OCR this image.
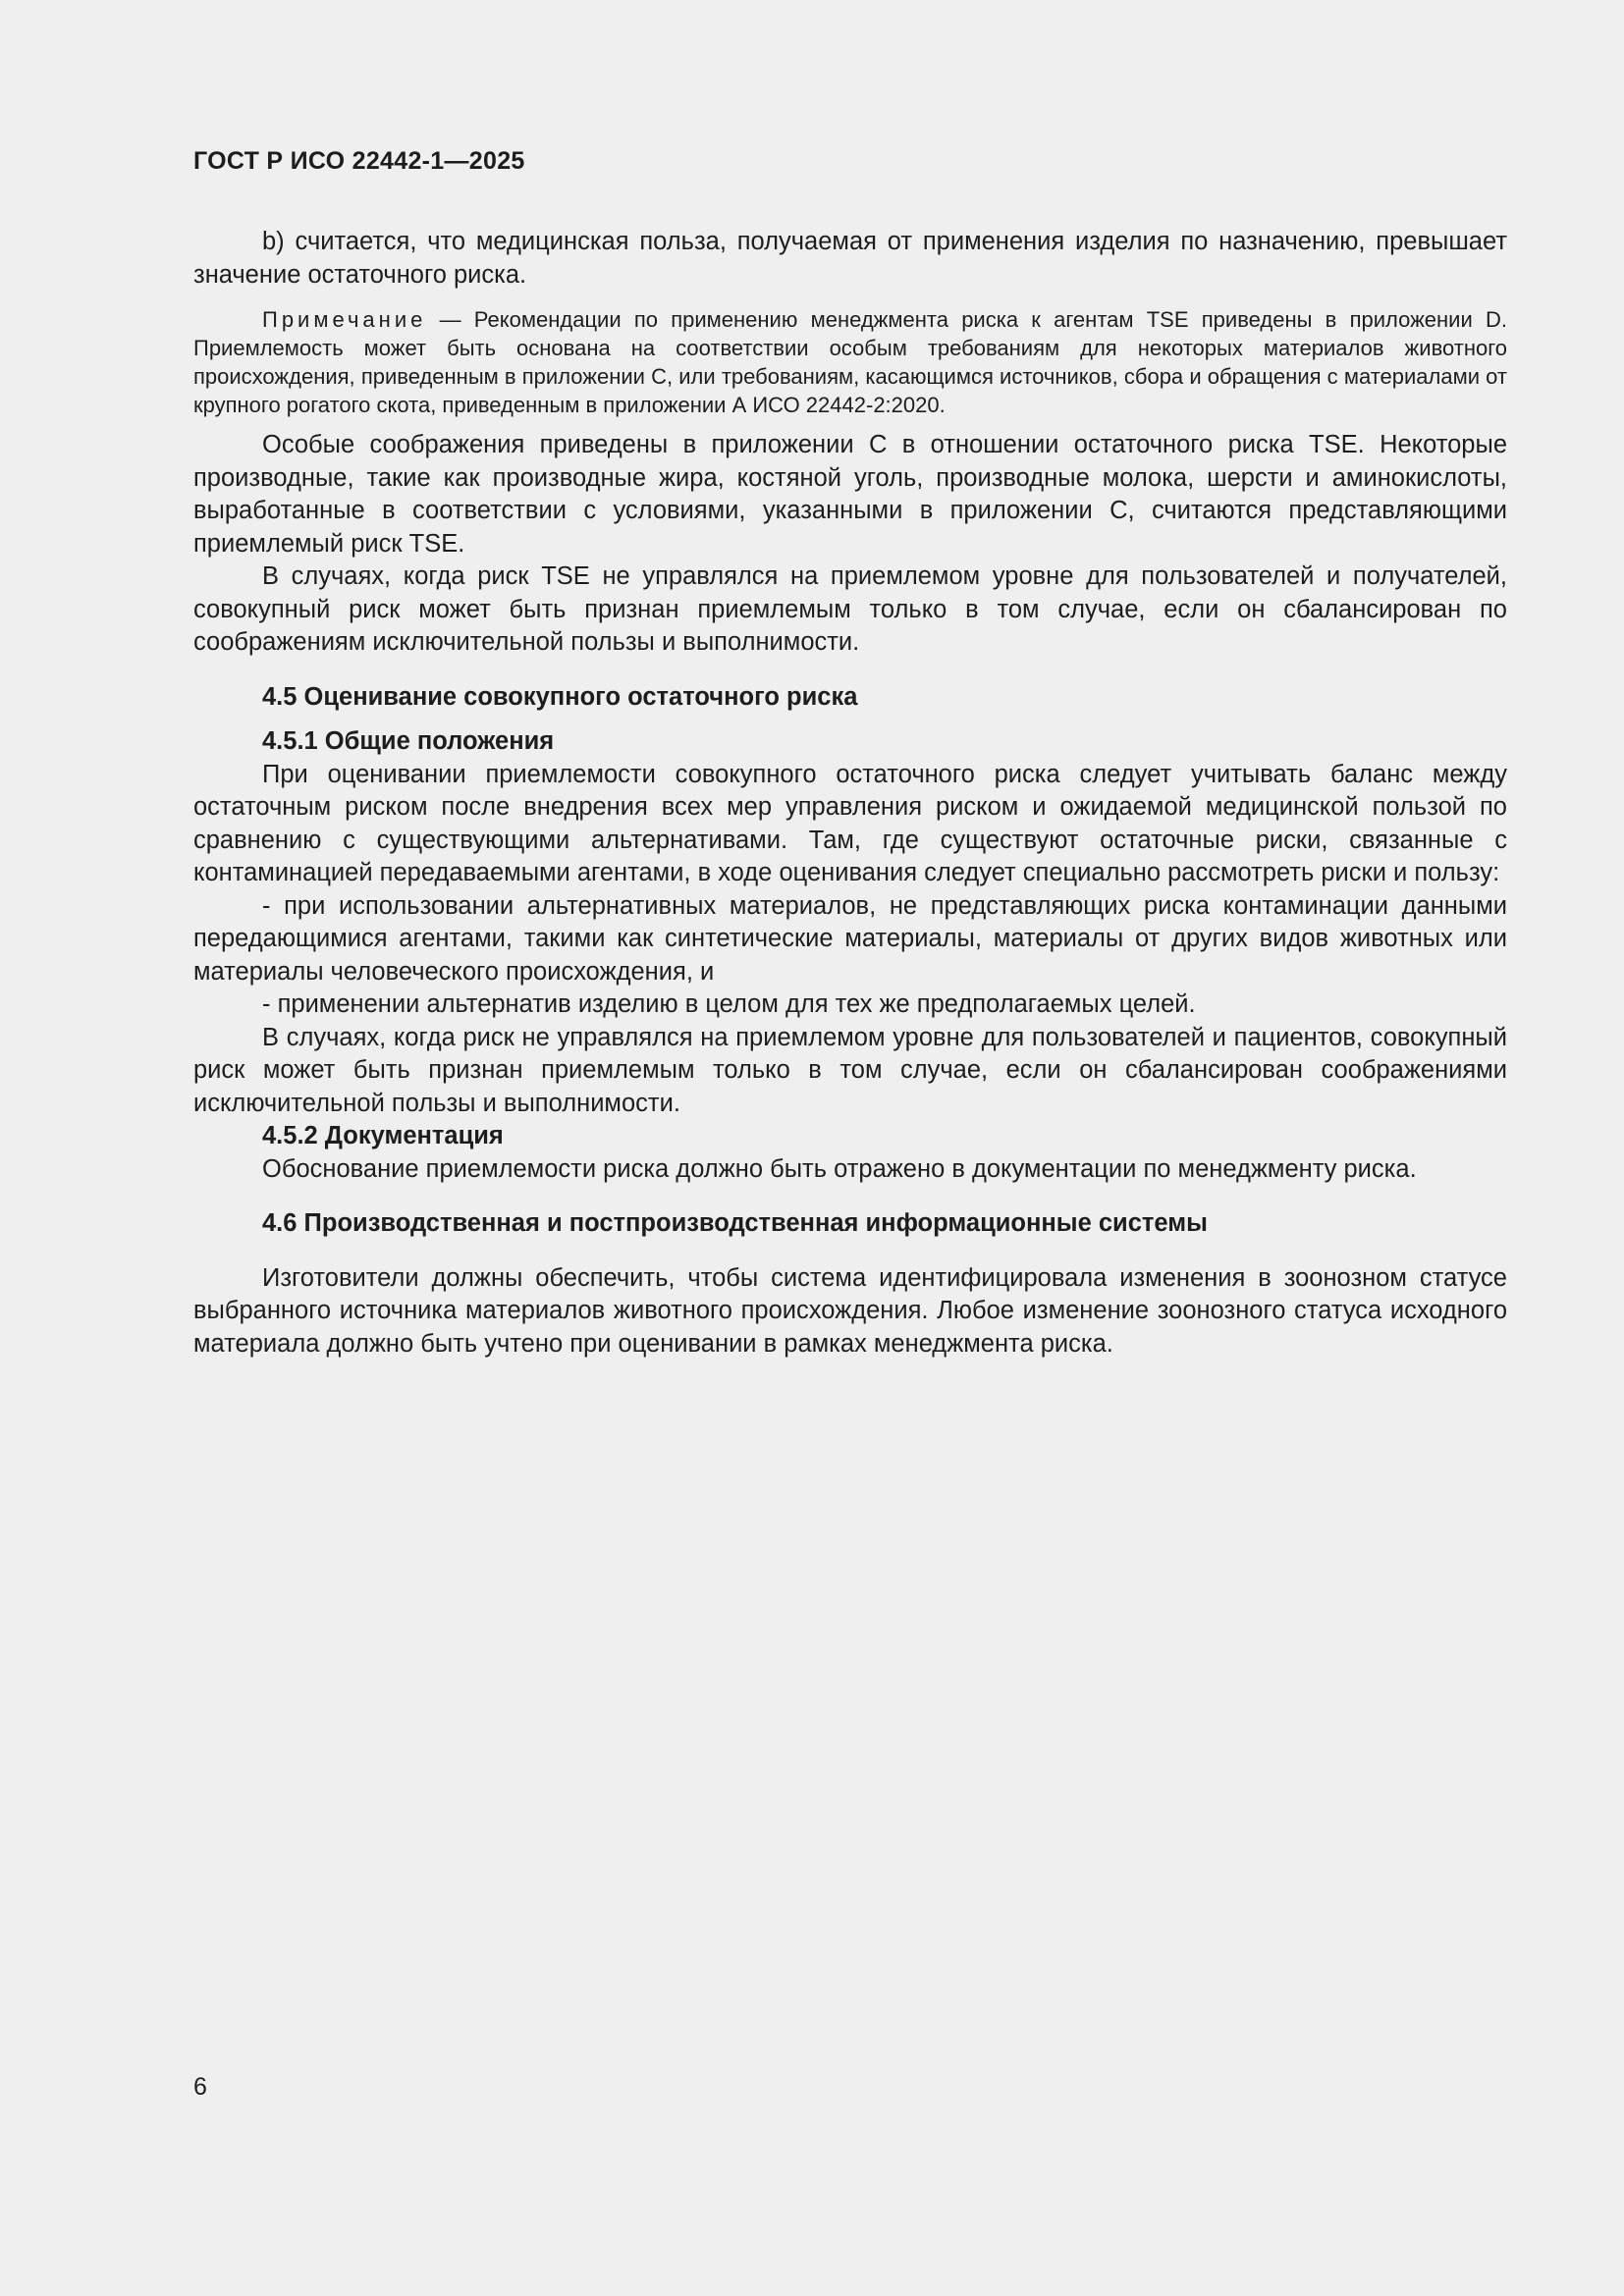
ГОСТ Р ИСО 22442-1—2025

b) считается, что медицинская польза, получаемая от применения изделия по назначению, превышает значение остаточного риска.

Примечание — Рекомендации по применению менеджмента риска к агентам TSE приведены в приложении D. Приемлемость может быть основана на соответствии особым требованиям для некоторых материалов животного происхождения, приведенным в приложении С, или требованиям, касающимся источников, сбора и обращения с материалами от крупного рогатого скота, приведенным в приложении А ИСО 22442-2:2020.

Особые соображения приведены в приложении С в отношении остаточного риска TSE. Некоторые производные, такие как производные жира, костяной уголь, производные молока, шерсти и аминокислоты, выработанные в соответствии с условиями, указанными в приложении С, считаются представляющими приемлемый риск TSE.

В случаях, когда риск TSE не управлялся на приемлемом уровне для пользователей и получателей, совокупный риск может быть признан приемлемым только в том случае, если он сбалансирован по соображениям исключительной пользы и выполнимости.

4.5 Оценивание совокупного остаточного риска
4.5.1 Общие положения

При оценивании приемлемости совокупного остаточного риска следует учитывать баланс между остаточным риском после внедрения всех мер управления риском и ожидаемой медицинской пользой по сравнению с существующими альтернативами. Там, где существуют остаточные риски, связанные с контаминацией передаваемыми агентами, в ходе оценивания следует специально рассмотреть риски и пользу:

- при использовании альтернативных материалов, не представляющих риска контаминации данными передающимися агентами, такими как синтетические материалы, материалы от других видов животных или материалы человеческого происхождения, и

- применении альтернатив изделию в целом для тех же предполагаемых целей.

В случаях, когда риск не управлялся на приемлемом уровне для пользователей и пациентов, совокупный риск может быть признан приемлемым только в том случае, если он сбалансирован соображениями исключительной пользы и выполнимости.

4.5.2 Документация

Обоснование приемлемости риска должно быть отражено в документации по менеджменту риска.

4.6 Производственная и постпроизводственная информационные системы

Изготовители должны обеспечить, чтобы система идентифицировала изменения в зоонозном статусе выбранного источника материалов животного происхождения. Любое изменение зоонозного статуса исходного материала должно быть учтено при оценивании в рамках менеджмента риска.

6
